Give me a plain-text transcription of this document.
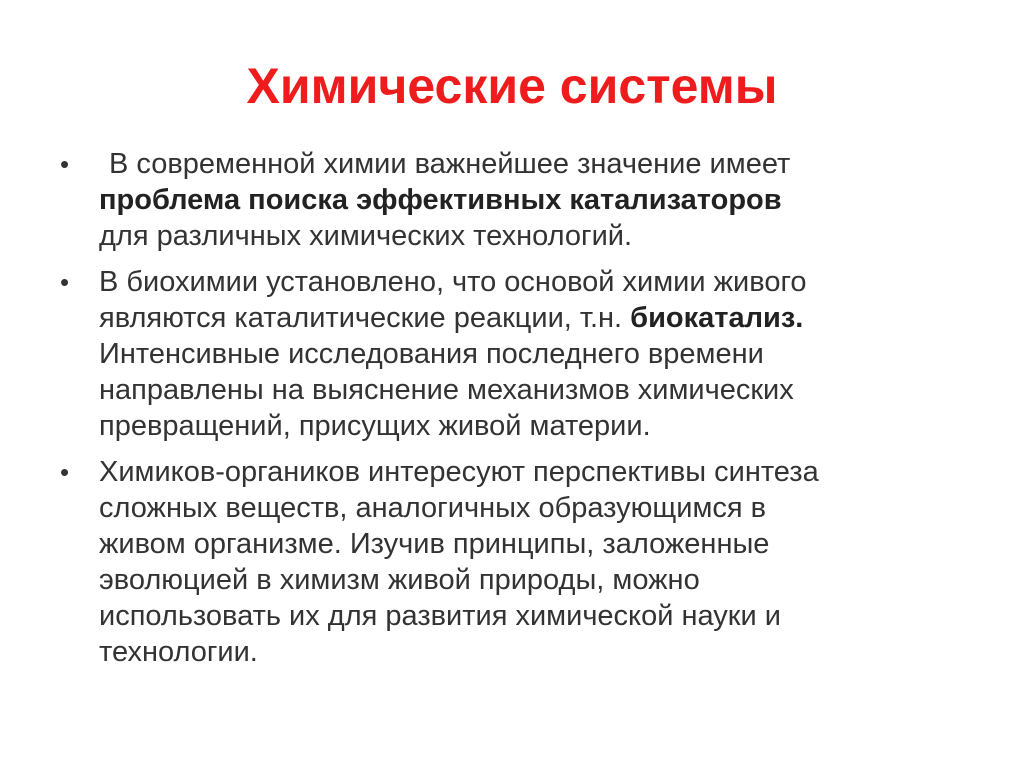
Химические системы
•	В современной химии важнейшее значение имеет
проблема поиска эффективных катализаторов
для различных химических технологий.
• В биохимии установлено, что основой химии живого
являются каталитические реакции, т.н. биокатализ.
Интенсивные исследования последнего времени
направлены на выяснение механизмов химических
превращений, присущих живой материи.
• Химиков-органиков интересуют перспективы синтеза
сложных веществ, аналогичных образующимся в
живом организме. Изучив принципы, заложенные
эволюцией в химизм живой природы, можно
использовать их для развития химической науки и
технологии.
